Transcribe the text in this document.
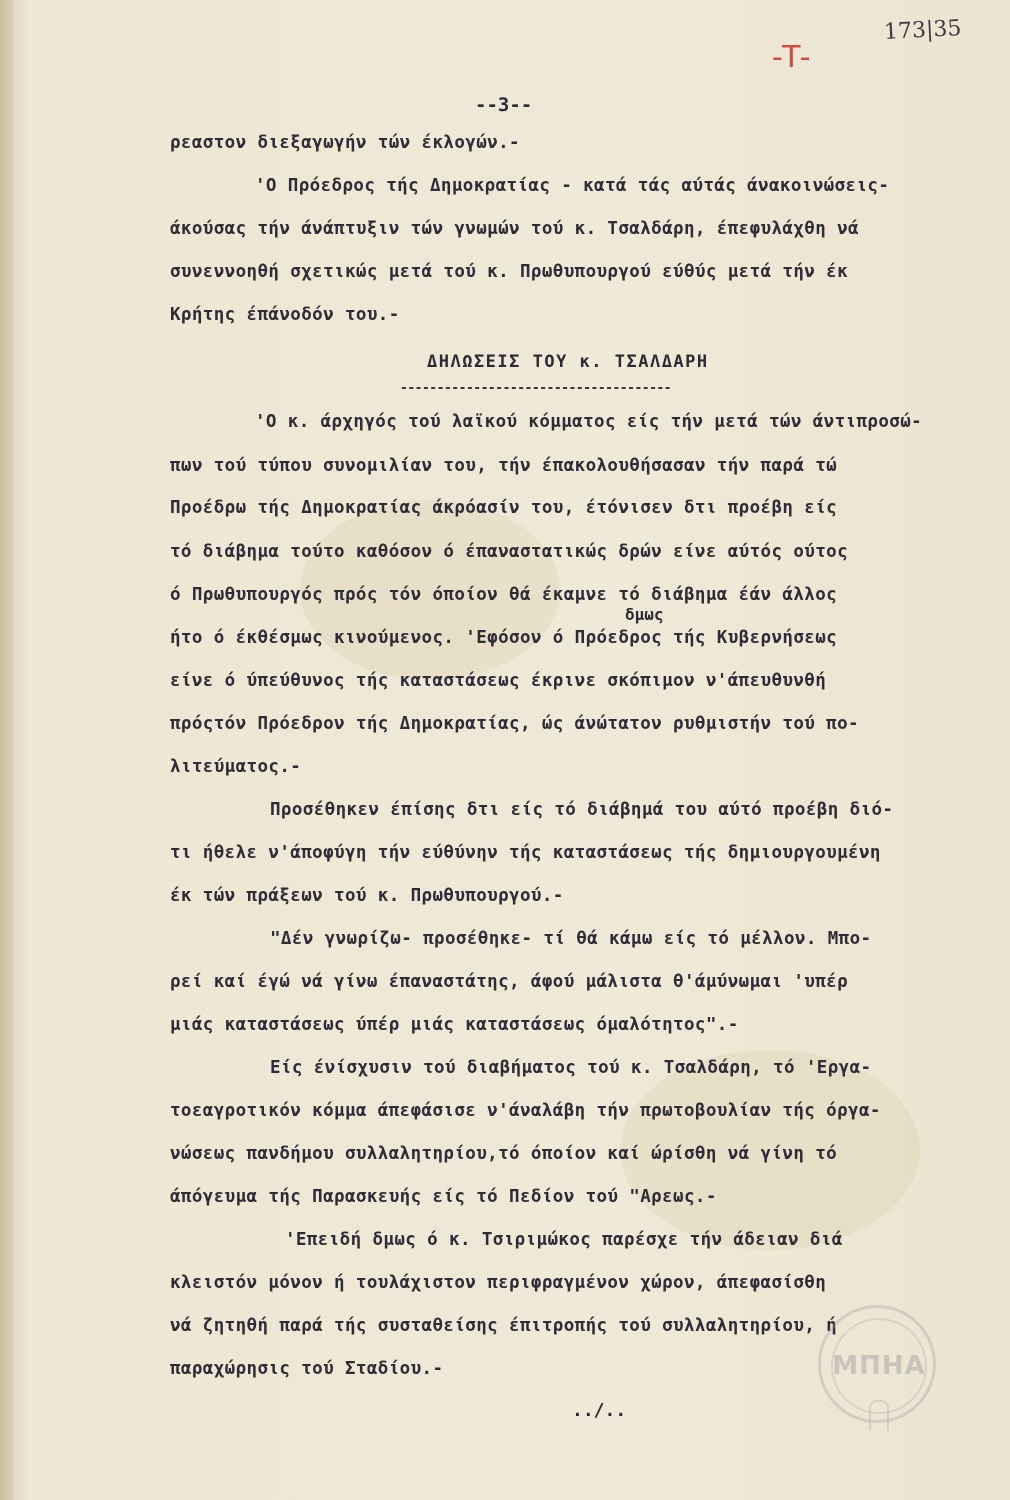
173|35
-T-
--3--
ρεαστον διεξαγωγήν τών έκλογών.-
'Ο Πρόεδρος τής Δημοκρατίας - κατά τάς αύτάς άνακοινώσεις-
άκούσας τήν άνάπτυξιν τών γνωμών τού κ. Τσαλδάρη, έπεφυλάχθη νά
συνεννοηθή σχετικώς μετά τού κ. Πρωθυπουργού εύθύς μετά τήν έκ
Κρήτης έπάνοδόν του.-
ΔΗΛΩΣΕΙΣ ΤΟΥ κ. ΤΣΑΛΔΑΡΗ
-------------------------------------
'Ο κ. άρχηγός τού λαϊκού κόμματος είς τήν μετά τών άντιπροσώ-
πων τού τύπου συνομιλίαν του, τήν έπακολουθήσασαν τήν παρά τώ
Προέδρω τής Δημοκρατίας άκρόασίν του, έτόνισεν δτι προέβη είς
τό διάβημα τούτο καθόσον ό έπαναστατικώς δρών είνε αύτός ούτος
ό Πρωθυπουργός πρός τόν όποίον θά έκαμνε τό διάβημα έάν άλλος
δμως
ήτο ό έκθέσμως κινούμενος. 'Εφόσον ό Πρόεδρος τής Κυβερνήσεως
είνε ό ύπεύθυνος τής καταστάσεως έκρινε σκόπιμον ν'άπευθυνθή
πρόςτόν Πρόεδρον τής Δημοκρατίας, ώς άνώτατον ρυθμιστήν τού πο-
λιτεύματος.-
Προσέθηκεν έπίσης δτι είς τό διάβημά του αύτό προέβη διό-
τι ήθελε ν'άποφύγη τήν εύθύνην τής καταστάσεως τής δημιουργουμένη
έκ τών πράξεων τού κ. Πρωθυπουργού.-
"Δέν γνωρίζω- προσέθηκε- τί θά κάμω είς τό μέλλον. Μπο-
ρεί καί έγώ νά γίνω έπαναστάτης, άφού μάλιστα θ'άμύνωμαι 'υπέρ
μιάς καταστάσεως ύπέρ μιάς καταστάσεως όμαλότητος".-
Είς ένίσχυσιν τού διαβήματος τού κ. Τσαλδάρη, τό 'Εργα-
τοεαγροτικόν κόμμα άπεφάσισε ν'άναλάβη τήν πρωτοβουλίαν τής όργα-
νώσεως πανδήμου συλλαλητηρίου,τό όποίον καί ώρίσθη νά γίνη τό
άπόγευμα τής Παρασκευής είς τό Πεδίον τού "Αρεως.-
'Επειδή δμως ό κ. Τσιριμώκος παρέσχε τήν άδειαν διά
κλειστόν μόνον ή τουλάχιστον περιφραγμένον χώρον, άπεφασίσθη
νά ζητηθή παρά τής συσταθείσης έπιτροπής τού συλλαλητηρίου, ή
παραχώρησις τού Σταδίου.-	ΜΠΗΑ
../..
